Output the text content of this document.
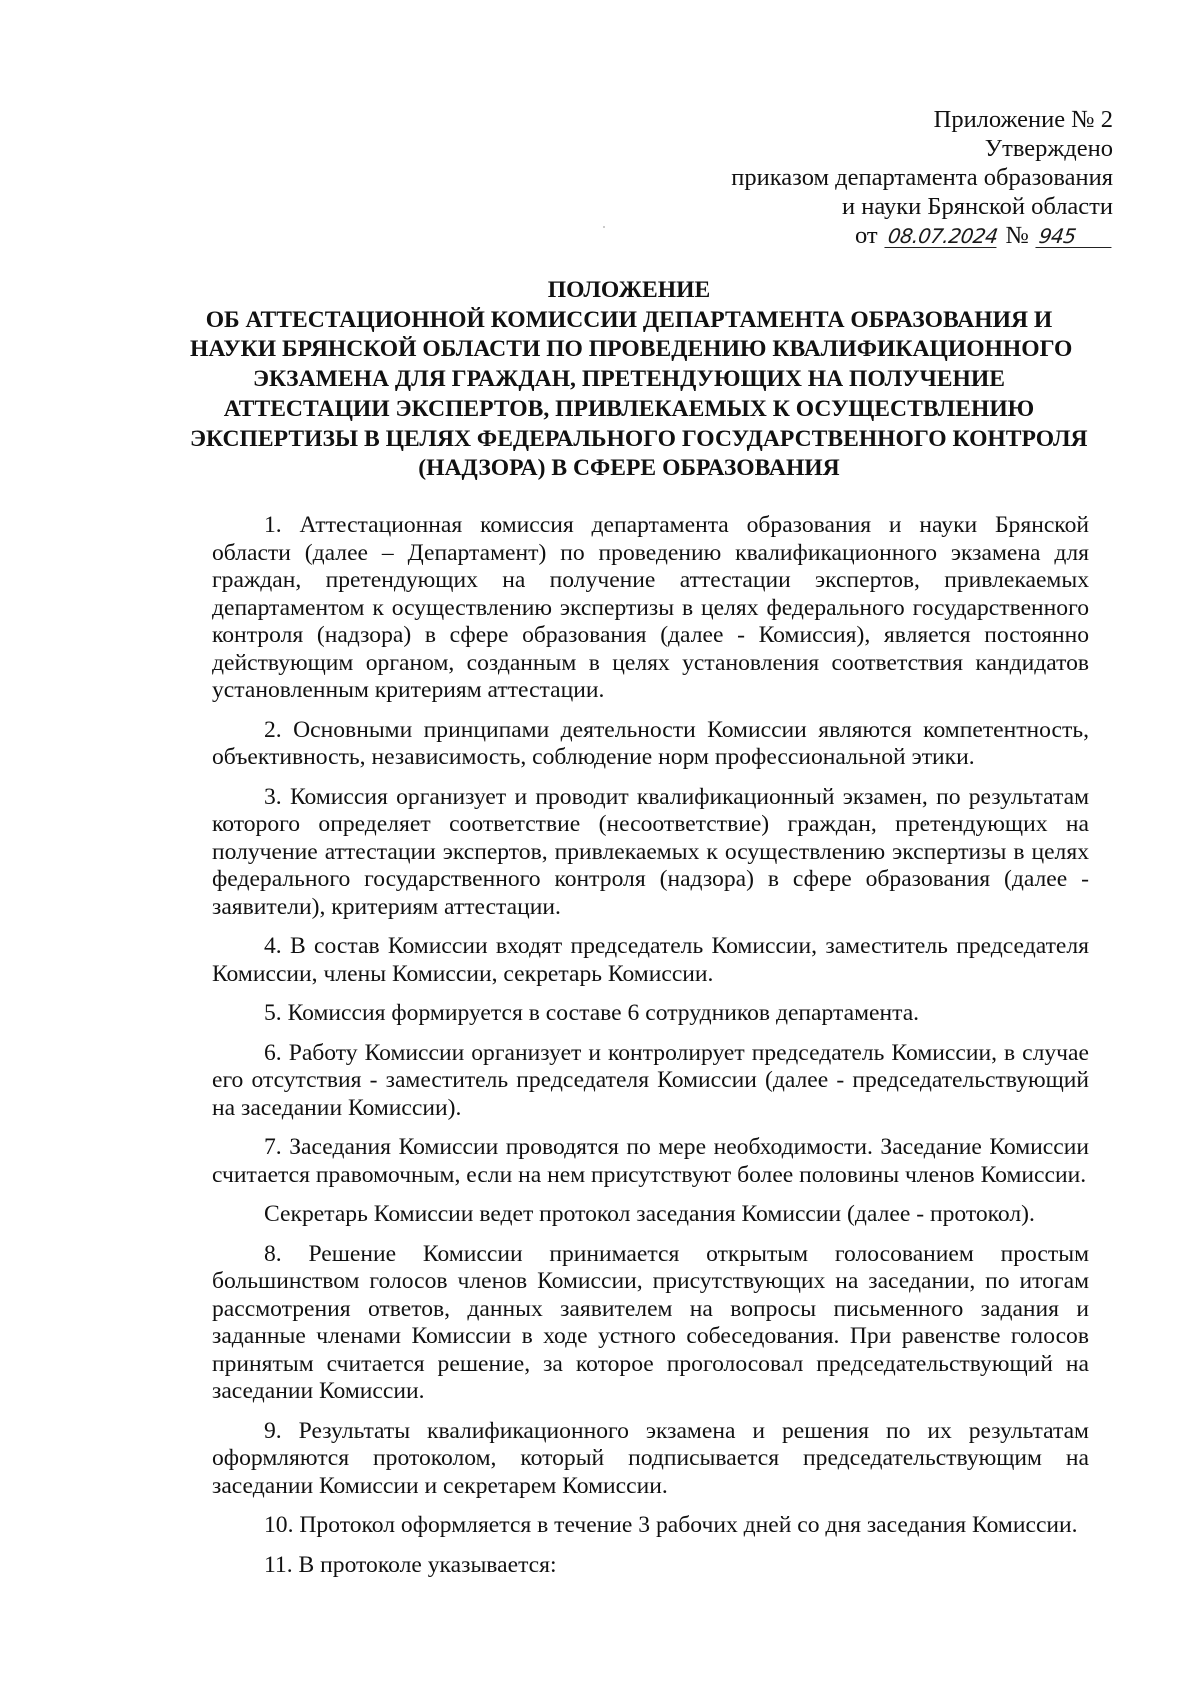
Приложение № 2
Утверждено
приказом департамента образования
и науки Брянской области
от 08.07.2024 № 945
ПОЛОЖЕНИЕ
ОБ АТТЕСТАЦИОННОЙ КОМИССИИ ДЕПАРТАМЕНТА ОБРАЗОВАНИЯ И
НАУКИ БРЯНСКОЙ ОБЛАСТИ ПО ПРОВЕДЕНИЮ КВАЛИФИКАЦИОННОГО
ЭКЗАМЕНА ДЛЯ ГРАЖДАН, ПРЕТЕНДУЮЩИХ НА ПОЛУЧЕНИЕ
АТТЕСТАЦИИ ЭКСПЕРТОВ, ПРИВЛЕКАЕМЫХ К ОСУЩЕСТВЛЕНИЮ
ЭКСПЕРТИЗЫ В ЦЕЛЯХ ФЕДЕРАЛЬНОГО ГОСУДАРСТВЕННОГО КОНТРОЛЯ
(НАДЗОРА) В СФЕРЕ ОБРАЗОВАНИЯ

1. Аттестационная комиссия департамента образования и науки Брянской области (далее – Департамент) по проведению квалификационного экзамена для граждан, претендующих на получение аттестации экспертов, привлекаемых департаментом к осуществлению экспертизы в целях федерального государственного контроля (надзора) в сфере образования (далее - Комиссия), является постоянно действующим органом, созданным в целях установления соответствия кандидатов установленным критериям аттестации.

2. Основными принципами деятельности Комиссии являются компетентность, объективность, независимость, соблюдение норм профессиональной этики.

3. Комиссия организует и проводит квалификационный экзамен, по результатам которого определяет соответствие (несоответствие) граждан, претендующих на получение аттестации экспертов, привлекаемых к осуществлению экспертизы в целях федерального государственного контроля (надзора) в сфере образования (далее - заявители), критериям аттестации.

4. В состав Комиссии входят председатель Комиссии, заместитель председателя Комиссии, члены Комиссии, секретарь Комиссии.

5. Комиссия формируется в составе 6 сотрудников департамента.

6. Работу Комиссии организует и контролирует председатель Комиссии, в случае его отсутствия - заместитель председателя Комиссии (далее - председательствующий на заседании Комиссии).

7. Заседания Комиссии проводятся по мере необходимости. Заседание Комиссии считается правомочным, если на нем присутствуют более половины членов Комиссии.

Секретарь Комиссии ведет протокол заседания Комиссии (далее - протокол).

8. Решение Комиссии принимается открытым голосованием простым большинством голосов членов Комиссии, присутствующих на заседании, по итогам рассмотрения ответов, данных заявителем на вопросы письменного задания и заданные членами Комиссии в ходе устного собеседования. При равенстве голосов принятым считается решение, за которое проголосовал председательствующий на заседании Комиссии.

9. Результаты квалификационного экзамена и решения по их результатам оформляются протоколом, который подписывается председательствующим на заседании Комиссии и секретарем Комиссии.

10. Протокол оформляется в течение 3 рабочих дней со дня заседания Комиссии.

11. В протоколе указывается:
